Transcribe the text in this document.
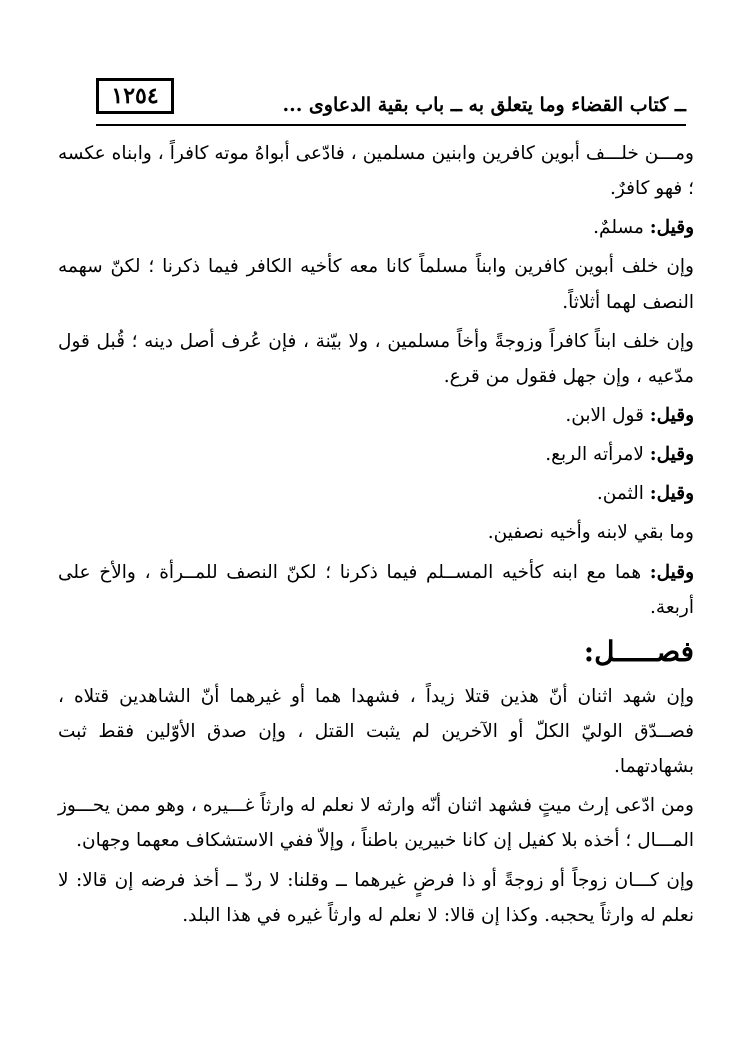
١٢٥٤	ــ كتاب القضاء وما يتعلق به ــ باب بقية الدعاوى ...

ومـــن خلـــف أبوين كافرين وابنين مسلمين ، فادّعى أبواهُ موته كافراً ، وابناه عكسه ؛ فهو كافرٌ.

وقيل: مسلمٌ.

وإن خلف أبوين كافرين وابناً مسلماً كانا معه كأخيه الكافر فيما ذكرنا ؛ لكنّ سهمه النصف لهما أثلاثاً.

وإن خلف ابناً كافراً وزوجةً وأخاً مسلمين ، ولا بيّنة ، فإن عُرف أصل دينه ؛ قُبل قول مدّعيه ، وإن جهل فقول من قرع.

وقيل: قول الابن.

وقيل: لامرأته الربع.

وقيل: الثمن.

وما بقي لابنه وأخيه نصفين.

وقيل: هما مع ابنه كأخيه المســلم فيما ذكرنا ؛ لكنّ النصف للمــرأة ، والأخ على أربعة.

فصـــــل:

وإن شهد اثنان أنّ هذين قتلا زيداً ، فشهدا هما أو غيرهما أنّ الشاهدين قتلاه ، فصــدّق الوليّ الكلّ أو الآخرين لم يثبت القتل ، وإن صدق الأوّلين فقط ثبت بشهادتهما.

ومن ادّعى إرث ميتٍ فشهد اثنان أنّه وارثه لا نعلم له وارثاً غـــيره ، وهو ممن يحـــوز المـــال ؛ أخذه بلا كفيل إن كانا خبيرين باطناً ، وإلاّ ففي الاستشكاف معهما وجهان.

وإن كـــان زوجاً أو زوجةً أو ذا فرضٍ غيرهما ــ وقلنا: لا ردّ ــ أخذ فرضه إن قالا: لا نعلم له وارثاً يحجبه. وكذا إن قالا: لا نعلم له وارثاً غيره في هذا البلد.
